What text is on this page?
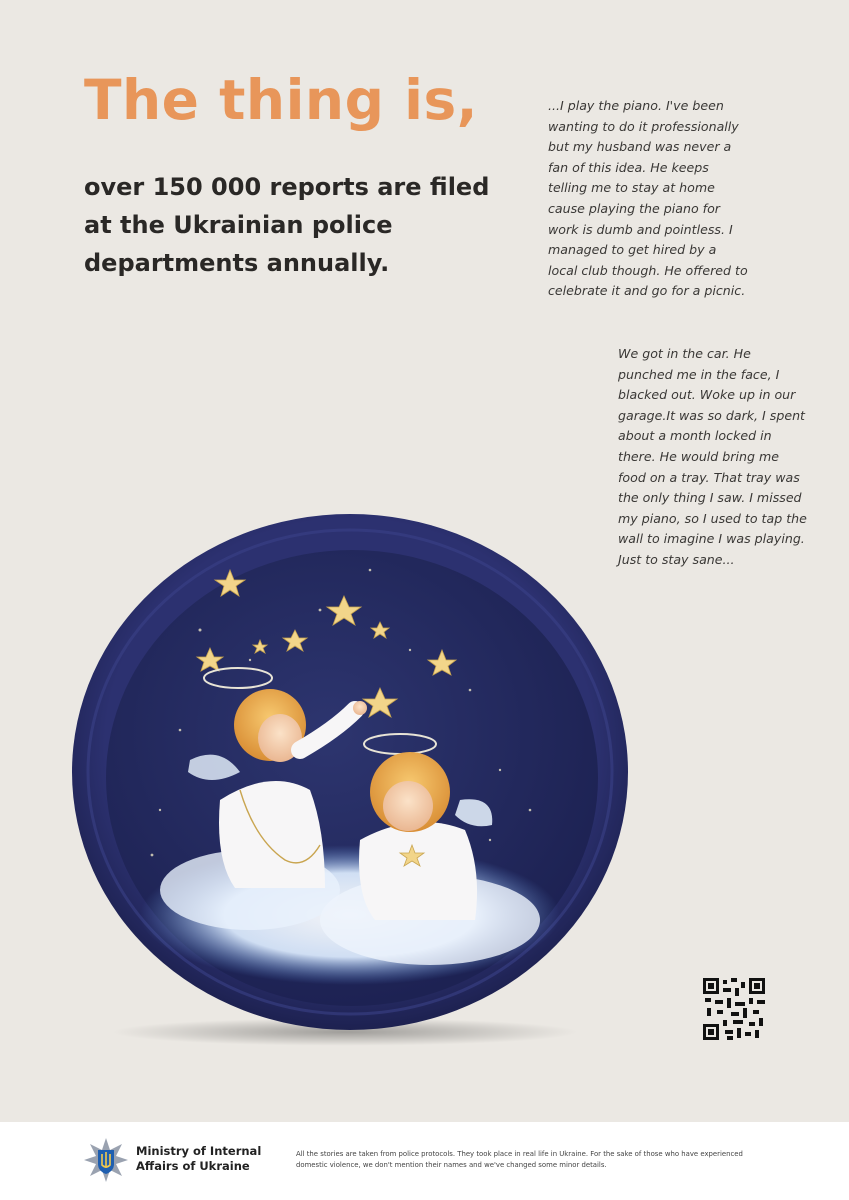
The thing is,

over 150 000 reports are filed at the Ukrainian police departments annually.

...I play the piano. I've been wanting to do it professionally but my husband was never a fan of this idea. He keeps telling me to stay at home cause playing the piano for work is dumb and pointless. I managed to get hired by a local club though. He offered to celebrate it and go for a picnic.

We got in the car. He punched me in the face, I blacked out. Woke up in our garage.It was so dark, I spent about a month locked in there. He would bring me food on a tray. That tray was the only thing I saw. I missed my piano, so I used to tap the wall to imagine I was playing. Just to stay sane...

Ministry of Internal Affairs of Ukraine

All the stories are taken from police protocols. They took place in real life in Ukraine. For the sake of those who have experienced domestic violence, we don't mention their names and we've changed some minor details.
